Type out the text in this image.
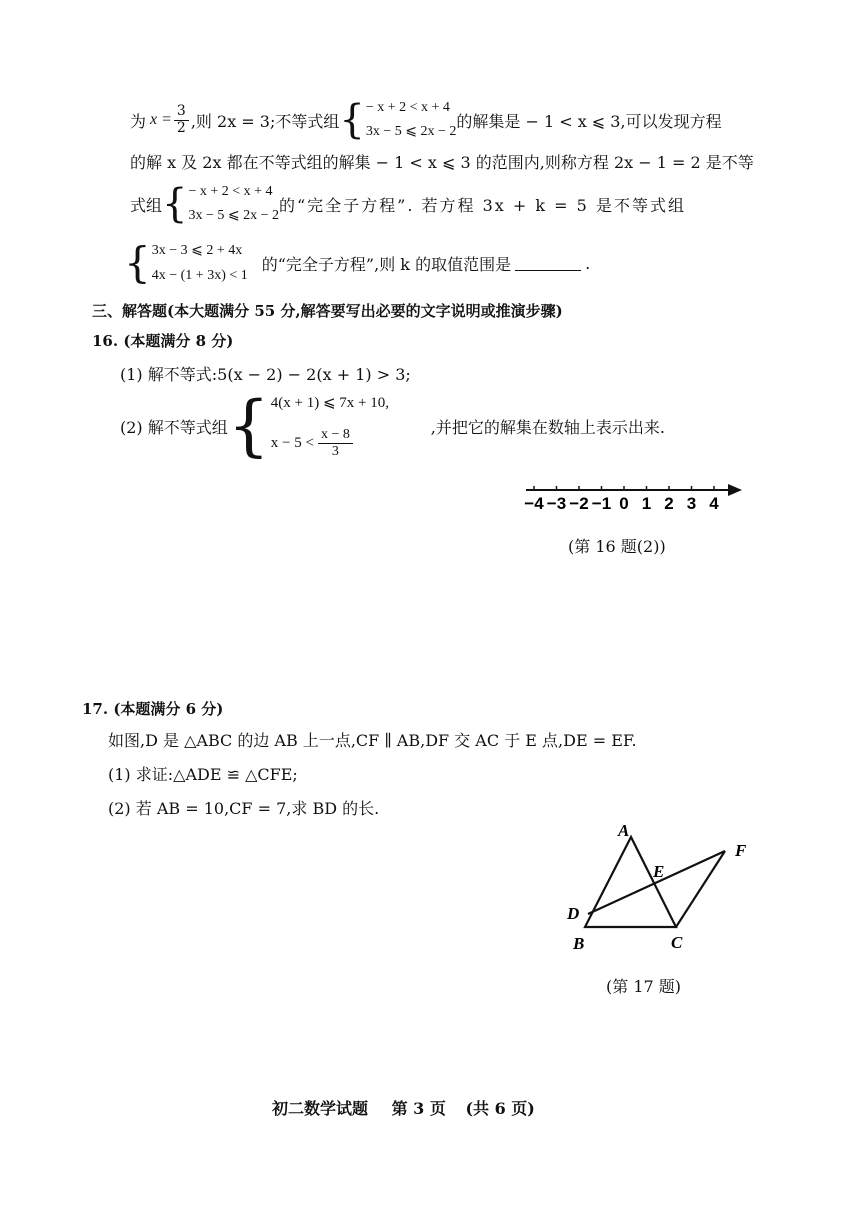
为 $x = \frac{3}{2}$ ,则 2x = 3;不等式组 { − x + 2 < x + 4
3x − 5 ⩽ 2x − 2
的解集是 − 1 < x ⩽ 3,可以发现方程
的解 x 及 2x 都在不等式组的解集 − 1 < x ⩽ 3 的范围内,则称方程 2x − 1 = 2 是不等
式组 { − x + 2 < x + 4
3x − 5 ⩽ 2x − 2
的“完全子方程”. 若方程 3x + k = 5 是不等式组
{ 3x − 3 ⩽ 2 + 4x
4x − (1 + 3x) < 1
的“完全子方程”,则 k 的取值范围是	.
三、解答题(本大题满分 55 分,解答要写出必要的文字说明或推演步骤)
16. (本题满分 8 分)
(1) 解不等式:5(x − 2) − 2(x + 1) > 3;
(2) 解不等式组 { 4(x + 1) ⩽ 7x + 10,
$x - 5 < \frac{x - 8}{3}$
,并把它的解集在数轴上表示出来.
−4 −3 −2 −1 0 1 2 3 4
(第 16 题(2))
17. (本题满分 6 分)
如图,D 是 △ABC 的边 AB 上一点,CF ∥ AB,DF 交 AC 于 E 点,DE = EF.
(1) 求证:△ADE ≌ △CFE;
(2) 若 AB = 10,CF = 7,求 BD 的长.
A
B	C
D
E
F
(第 17 题)
初二数学试题 第 3 页 (共 6 页)
